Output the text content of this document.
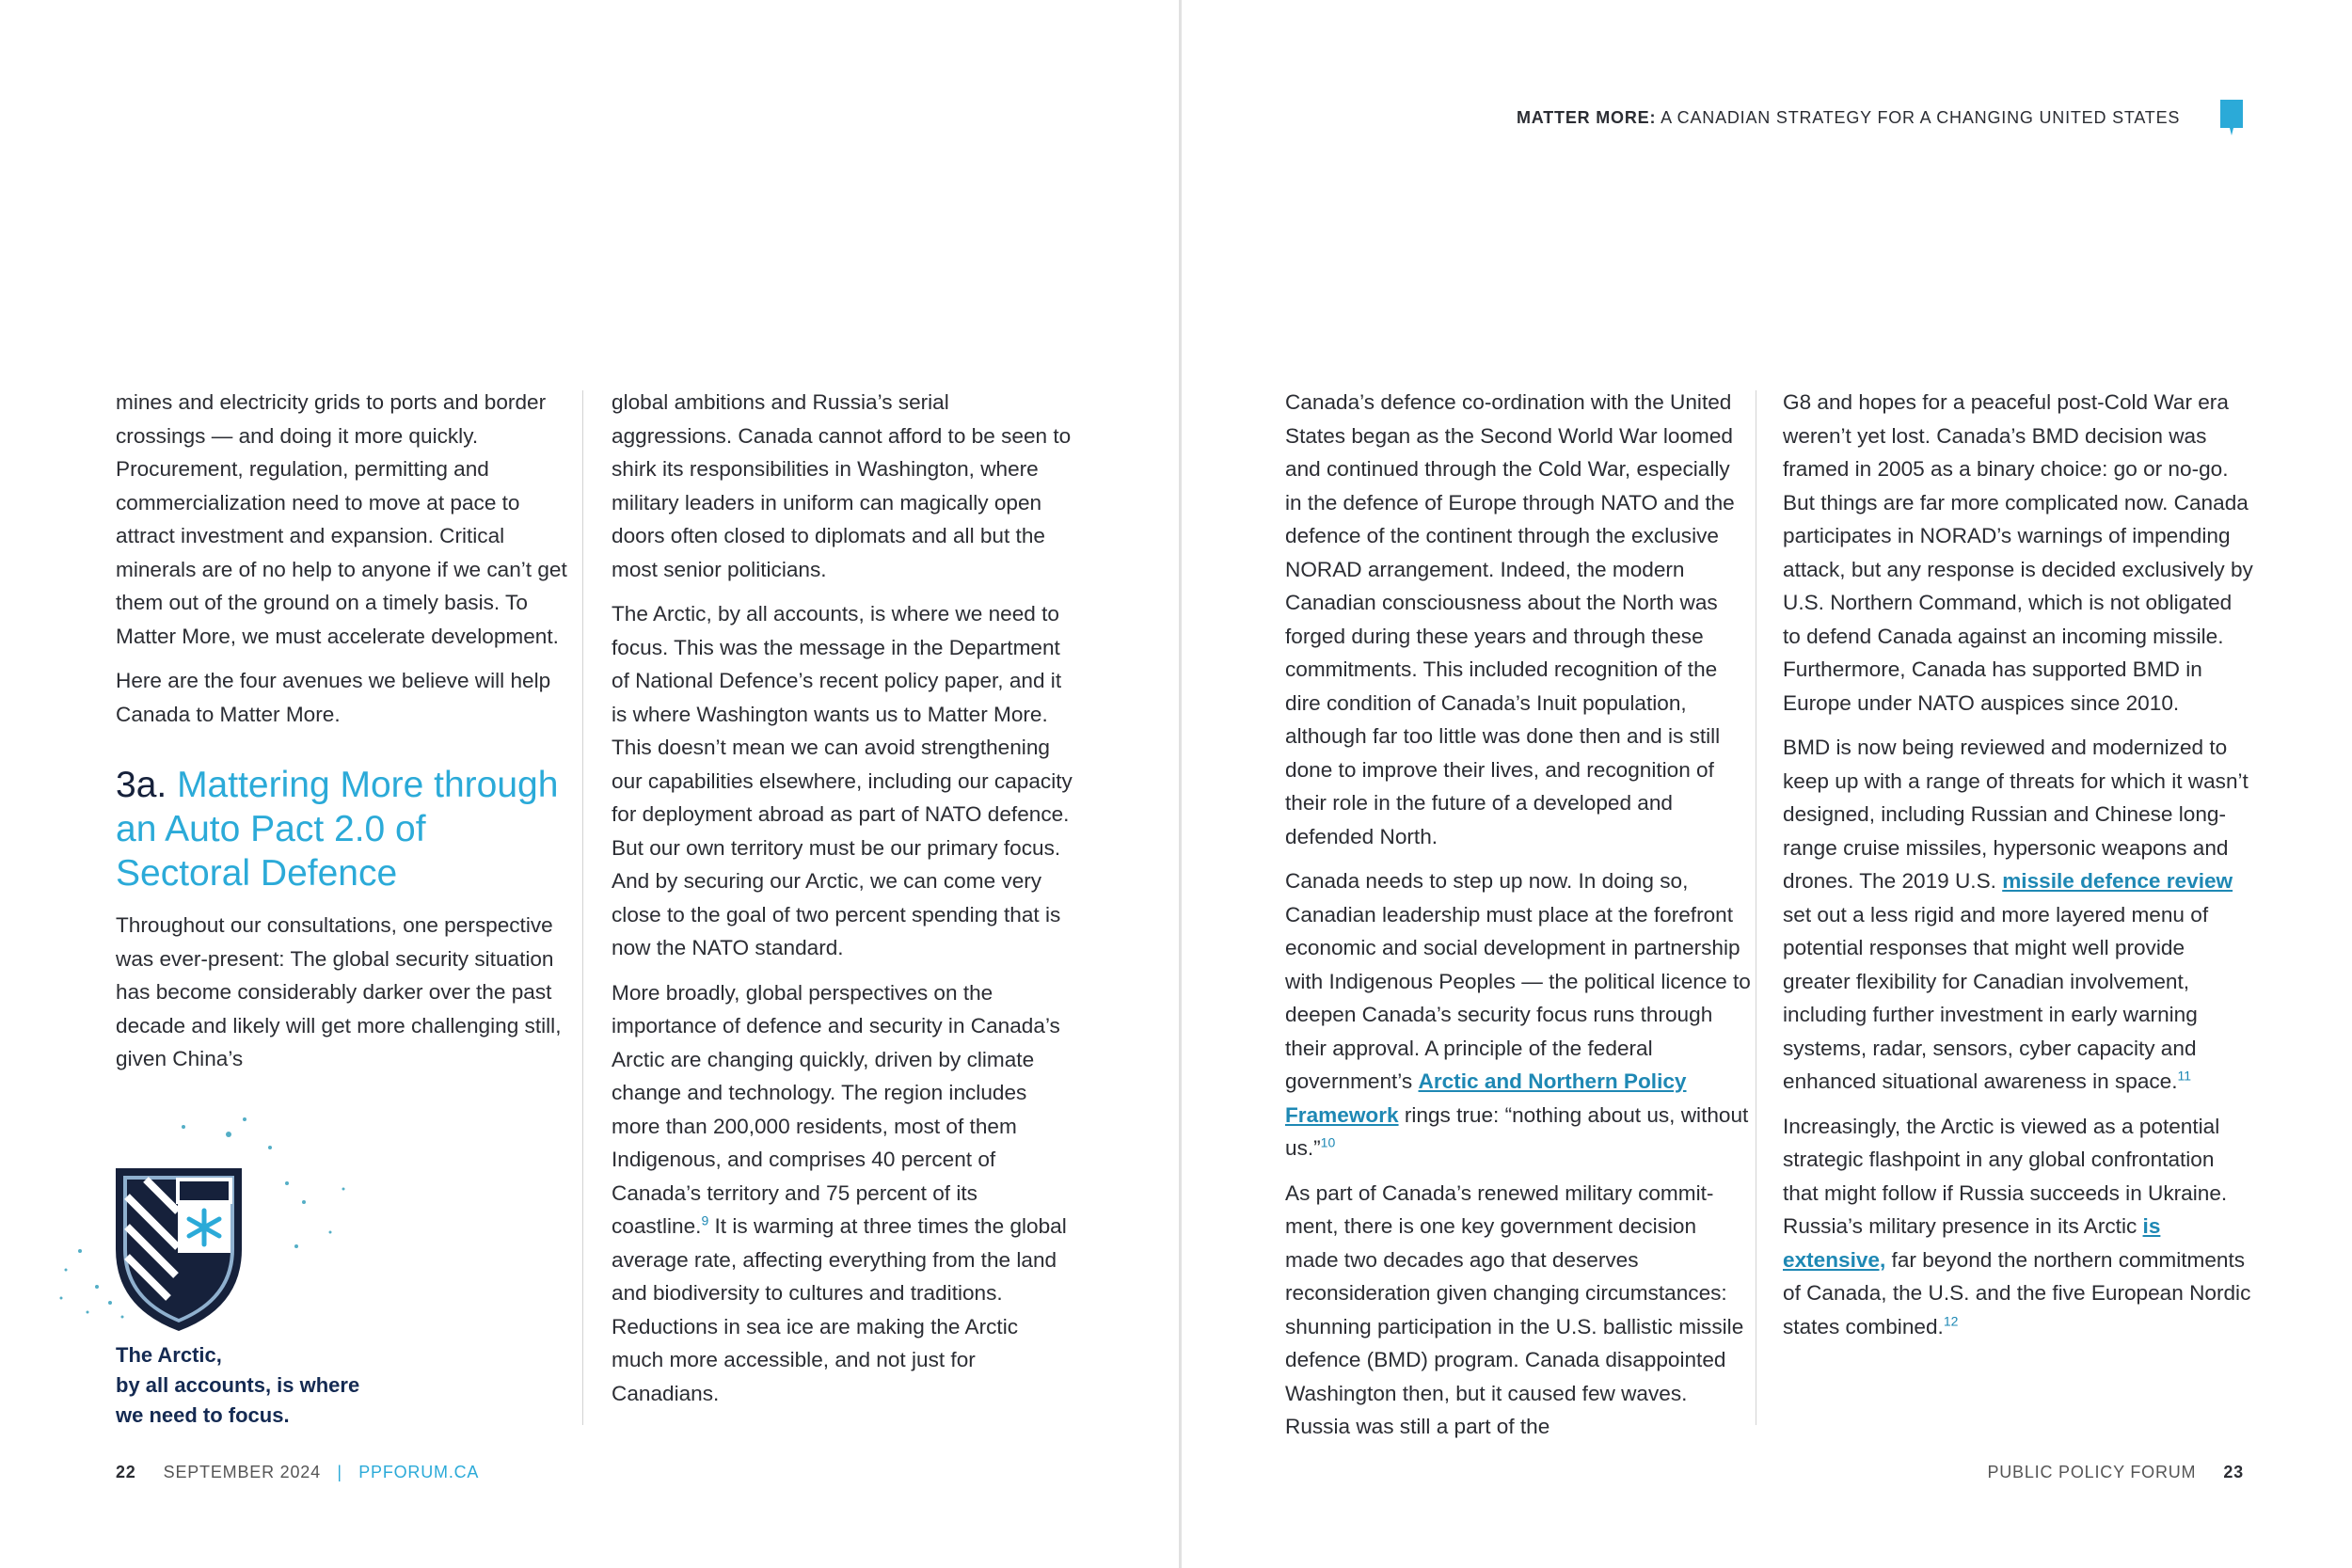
MATTER MORE: A CANADIAN STRATEGY FOR A CHANGING UNITED STATES

mines and electricity grids to ports and border crossings — and doing it more quickly. Procurement, regulation, permitting and commercialization need to move at pace to attract investment and expansion. Critical minerals are of no help to anyone if we can’t get them out of the ground on a timely basis. To Matter More, we must accelerate development.

Here are the four avenues we believe will help Canada to Matter More.

3a. Mattering More through an Auto Pact 2.0 of Sectoral Defence

Throughout our consultations, one perspective was ever-present: The global security situation has become considerably darker over the past decade and likely will get more challenging still, given China’s

The Arctic,
by all accounts, is where
we need to focus.

global ambitions and Russia’s serial aggressions. Canada cannot afford to be seen to shirk its responsibilities in Washington, where military leaders in uniform can magically open doors often closed to diplomats and all but the most senior politicians.

The Arctic, by all accounts, is where we need to focus. This was the message in the Department of National Defence’s recent policy paper, and it is where Washington wants us to Matter More. This doesn’t mean we can avoid strengthening our capabilities elsewhere, including our capacity for deployment abroad as part of NATO defence. But our own territory must be our primary focus. And by securing our Arctic, we can come very close to the goal of two percent spending that is now the NATO standard.

More broadly, global perspectives on the importance of defence and security in Canada’s Arctic are changing quickly, driven by climate change and technology. The region includes more than 200,000 residents, most of them Indigenous, and comprises 40 percent of Canada’s territory and 75 percent of its coastline.$^9$ It is warming at three times the global average rate, affecting everything from the land and biodiversity to cultures and traditions. Reductions in sea ice are making the Arctic much more accessible, and not just for Canadians.

Canada’s defence co-ordination with the United States began as the Second World War loomed and continued through the Cold War, especially in the defence of Europe through NATO and the defence of the continent through the exclusive NORAD arrangement. Indeed, the modern Canadian consciousness about the North was forged during these years and through these commitments. This included recognition of the dire condition of Canada’s Inuit population, although far too little was done then and is still done to improve their lives, and recognition of their role in the future of a developed and defended North.

Canada needs to step up now. In doing so, Canadian leadership must place at the forefront economic and social development in partnership with Indigenous Peoples — the political licence to deepen Canada’s security focus runs through their approval. A principle of the federal government’s Arctic and Northern Policy Framework rings true: “nothing about us, without us.”$^{10}$

As part of Canada’s renewed military commitment, there is one key government decision made two decades ago that deserves reconsideration given changing circumstances: shunning participation in the U.S. ballistic missile defence (BMD) program. Canada disappointed Washington then, but it caused few waves. Russia was still a part of the

G8 and hopes for a peaceful post-Cold War era weren’t yet lost. Canada’s BMD decision was framed in 2005 as a binary choice: go or no-go. But things are far more complicated now. Canada participates in NORAD’s warnings of impending attack, but any response is decided exclusively by U.S. Northern Command, which is not obligated to defend Canada against an incoming missile. Furthermore, Canada has supported BMD in Europe under NATO auspices since 2010.

BMD is now being reviewed and modernized to keep up with a range of threats for which it wasn’t designed, including Russian and Chinese long-range cruise missiles, hypersonic weapons and drones. The 2019 U.S. missile defence review set out a less rigid and more layered menu of potential responses that might well provide greater flexibility for Canadian involvement, including further investment in early warning systems, radar, sensors, cyber capacity and enhanced situational awareness in space.$^{11}$

Increasingly, the Arctic is viewed as a potential strategic flashpoint in any global confrontation that might follow if Russia succeeds in Ukraine. Russia’s military presence in its Arctic is extensive, far beyond the northern commitments of Canada, the U.S. and the five European Nordic states combined.$^{12}$

22 SEPTEMBER 2024 | PPFORUM.CA	PUBLIC POLICY FORUM 23
